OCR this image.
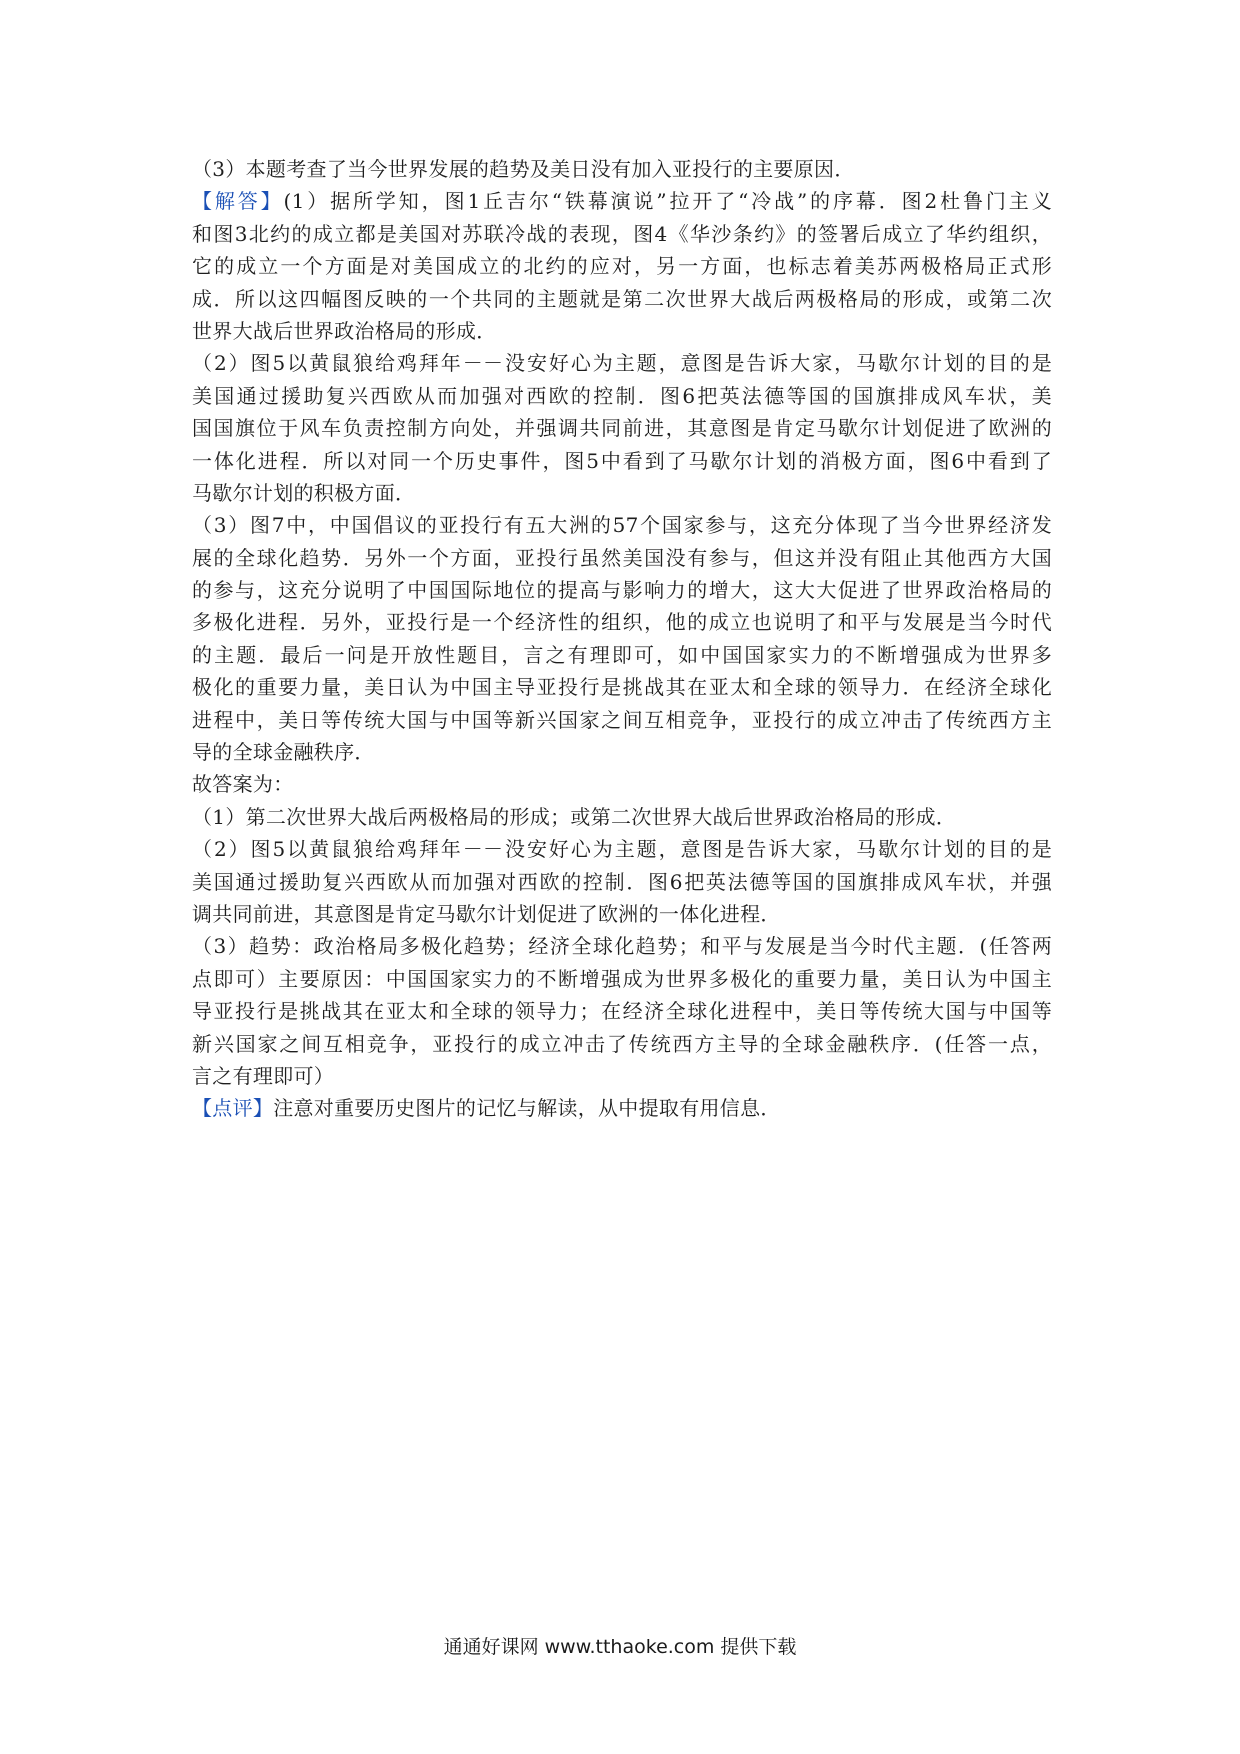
（3）本题考查了当今世界发展的趋势及美日没有加入亚投行的主要原因．

【解答】(1）据所学知，图1丘吉尔“铁幕演说”拉开了“冷战”的序幕．图2杜鲁门主义

和图3北约的成立都是美国对苏联冷战的表现，图4《华沙条约》的签署后成立了华约组织，

它的成立一个方面是对美国成立的北约的应对，另一方面，也标志着美苏两极格局正式形

成．所以这四幅图反映的一个共同的主题就是第二次世界大战后两极格局的形成，或第二次

世界大战后世界政治格局的形成．

（2）图5以黄鼠狼给鸡拜年－－没安好心为主题，意图是告诉大家，马歇尔计划的目的是

美国通过援助复兴西欧从而加强对西欧的控制．图6把英法德等国的国旗排成风车状，美

国国旗位于风车负责控制方向处，并强调共同前进，其意图是肯定马歇尔计划促进了欧洲的

一体化进程．所以对同一个历史事件，图5中看到了马歇尔计划的消极方面，图6中看到了

马歇尔计划的积极方面．

（3）图7中，中国倡议的亚投行有五大洲的57个国家参与，这充分体现了当今世界经济发

展的全球化趋势．另外一个方面，亚投行虽然美国没有参与，但这并没有阻止其他西方大国

的参与，这充分说明了中国国际地位的提高与影响力的增大，这大大促进了世界政治格局的

多极化进程．另外，亚投行是一个经济性的组织，他的成立也说明了和平与发展是当今时代

的主题．最后一问是开放性题目，言之有理即可，如中国国家实力的不断增强成为世界多

极化的重要力量，美日认为中国主导亚投行是挑战其在亚太和全球的领导力．在经济全球化

进程中，美日等传统大国与中国等新兴国家之间互相竞争，亚投行的成立冲击了传统西方主

导的全球金融秩序．

故答案为：

（1）第二次世界大战后两极格局的形成；或第二次世界大战后世界政治格局的形成．

（2）图5以黄鼠狼给鸡拜年－－没安好心为主题，意图是告诉大家，马歇尔计划的目的是

美国通过援助复兴西欧从而加强对西欧的控制．图6把英法德等国的国旗排成风车状，并强

调共同前进，其意图是肯定马歇尔计划促进了欧洲的一体化进程．

（3）趋势：政治格局多极化趋势；经济全球化趋势；和平与发展是当今时代主题．(任答两

点即可）主要原因：中国国家实力的不断增强成为世界多极化的重要力量，美日认为中国主

导亚投行是挑战其在亚太和全球的领导力；在经济全球化进程中，美日等传统大国与中国等

新兴国家之间互相竞争，亚投行的成立冲击了传统西方主导的全球金融秩序．(任答一点，

言之有理即可）

【点评】注意对重要历史图片的记忆与解读，从中提取有用信息．

通通好课网 www.tthaoke.com 提供下载
